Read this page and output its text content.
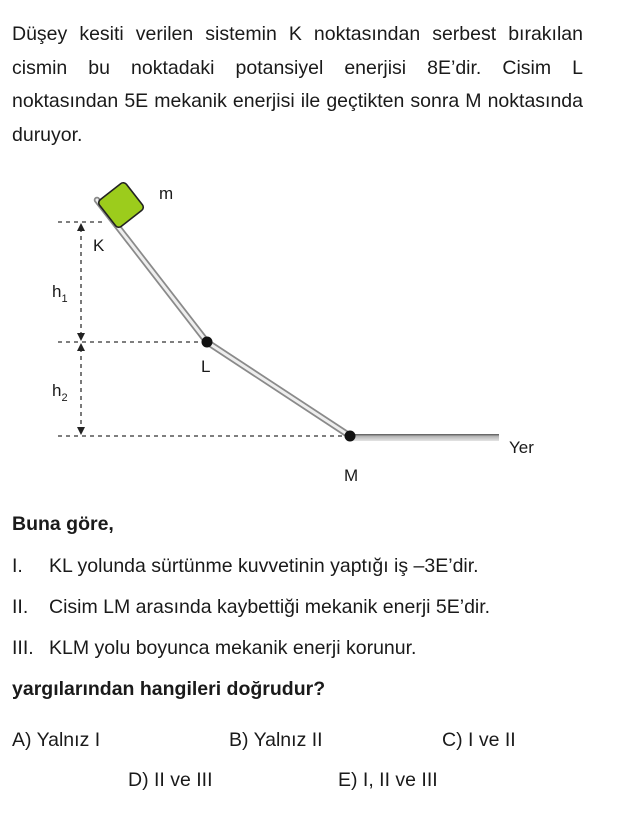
Düşey kesiti verilen sistemin K noktasından serbest bırakılan cismin bu noktadaki potansiyel enerjisi 8E’dir. Cisim L noktasından 5E mekanik enerjisi ile geçtikten sonra M noktasında duruyor.

m
K
L
M
Yer
$h_1$
$h_2$

Buna göre,

I. KL yolunda sürtünme kuvvetinin yaptığı iş –3E’dir.

II. Cisim LM arasında kaybettiği mekanik enerji 5E’dir.

III. KLM yolu boyunca mekanik enerji korunur.

yargılarından hangileri doğrudur?

A) Yalnız I	B) Yalnız II	C) I ve II

D) II ve III	E) I, II ve III
